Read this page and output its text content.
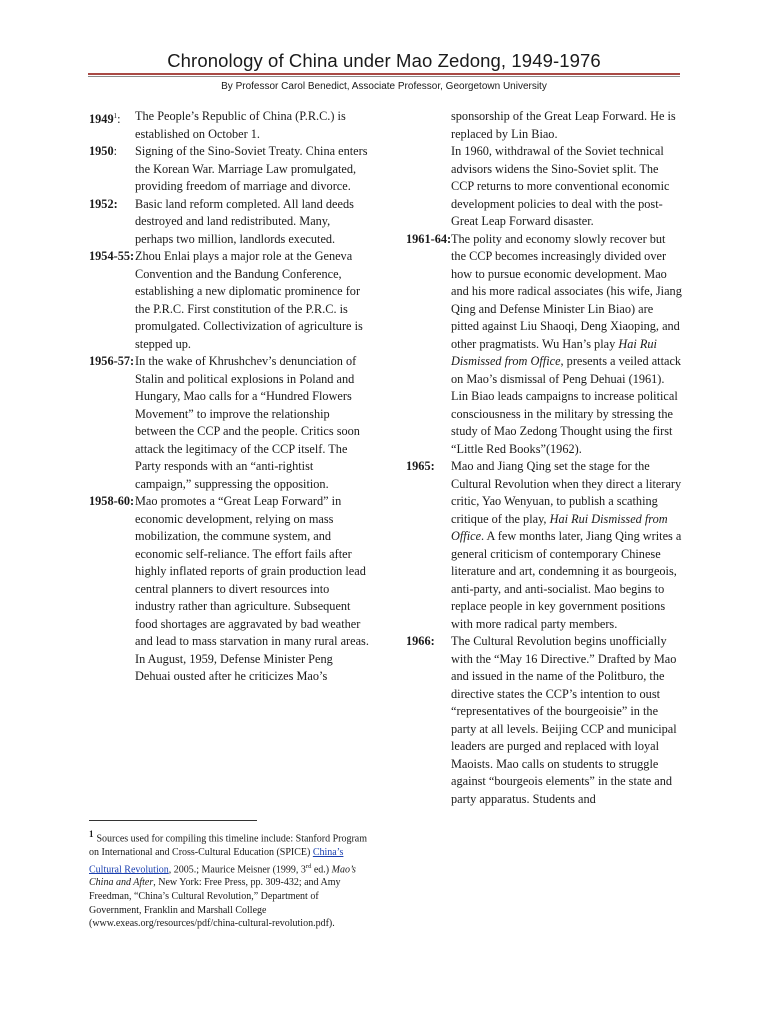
Chronology of China under Mao Zedong, 1949-1976
By Professor Carol Benedict, Associate Professor, Georgetown University
1949$^1$:	The People’s Republic of China (P.R.C.) is established on October 1.
1950:	Signing of the Sino-Soviet Treaty. China enters the Korean War. Marriage Law promulgated, providing freedom of marriage and divorce.
1952:	Basic land reform completed. All land deeds destroyed and land redistributed. Many, perhaps two million, landlords executed.
1954-55: Zhou Enlai plays a major role at the Geneva Convention and the Bandung Conference, establishing a new diplomatic prominence for the P.R.C. First constitution of the P.R.C. is promulgated. Collectivization of agriculture is stepped up.
1956-57: In the wake of Khrushchev’s denunciation of Stalin and political explosions in Poland and Hungary, Mao calls for a “Hundred Flowers Movement” to improve the relationship between the CCP and the people. Critics soon attack the legitimacy of the CCP itself. The Party responds with an “anti-rightist campaign,” suppressing the opposition.
1958-60: Mao promotes a “Great Leap Forward” in economic development, relying on mass mobilization, the commune system, and economic self-reliance. The effort fails after highly inflated reports of grain production lead central planners to divert resources into industry rather than agriculture. Subsequent food shortages are aggravated by bad weather and lead to mass starvation in many rural areas.
In August, 1959, Defense Minister Peng Dehuai ousted after he criticizes Mao’s
1 Sources used for compiling this timeline include: Stanford Program on International and Cross-Cultural Education (SPICE) China’s Cultural Revolution, 2005.; Maurice Meisner (1999, 3rd ed.) Mao’s China and After, New York: Free Press, pp. 309-432; and Amy Freedman, “China’s Cultural Revolution,” Department of Government, Franklin and Marshall College (www.exeas.org/resources/pdf/china-cultural-revolution.pdf).
sponsorship of the Great Leap Forward. He is replaced by Lin Biao.
In 1960, withdrawal of the Soviet technical advisors widens the Sino-Soviet split. The CCP returns to more conventional economic development policies to deal with the post-Great Leap Forward disaster.
1961-64: The polity and economy slowly recover but the CCP becomes increasingly divided over how to pursue economic development. Mao and his more radical associates (his wife, Jiang Qing and Defense Minister Lin Biao) are pitted against Liu Shaoqi, Deng Xiaoping, and other pragmatists. Wu Han’s play Hai Rui Dismissed from Office, presents a veiled attack on Mao’s dismissal of Peng Dehuai (1961). Lin Biao leads campaigns to increase political consciousness in the military by stressing the study of Mao Zedong Thought using the first “Little Red Books”(1962).
1965:	Mao and Jiang Qing set the stage for the Cultural Revolution when they direct a literary critic, Yao Wenyuan, to publish a scathing critique of the play, Hai Rui Dismissed from Office. A few months later, Jiang Qing writes a general criticism of contemporary Chinese literature and art, condemning it as bourgeois, anti-party, and anti-socialist. Mao begins to replace people in key government positions with more radical party members.
1966:	The Cultural Revolution begins unofficially with the “May 16 Directive.” Drafted by Mao and issued in the name of the Politburo, the directive states the CCP’s intention to oust “representatives of the bourgeoisie” in the party at all levels. Beijing CCP and municipal leaders are purged and replaced with loyal Maoists. Mao calls on students to struggle against “bourgeois elements” in the state and party apparatus. Students and
